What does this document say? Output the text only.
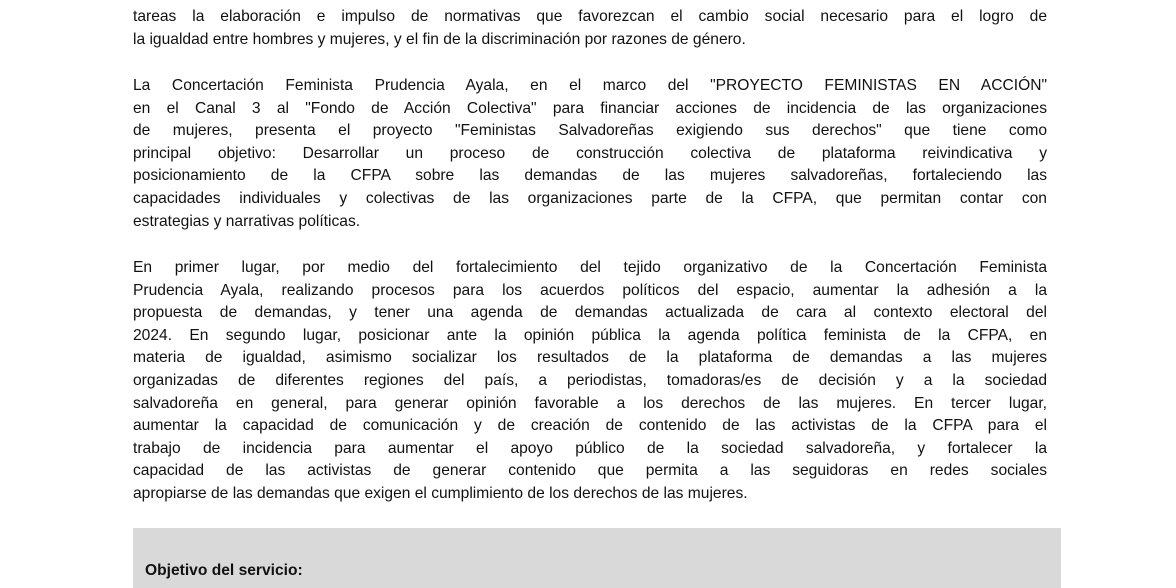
tareas la elaboración e impulso de normativas que favorezcan el cambio social necesario para el logro de
la igualdad entre hombres y mujeres, y el fin de la discriminación por razones de género.
La Concertación Feminista Prudencia Ayala, en el marco del "PROYECTO FEMINISTAS EN ACCIÓN"
en el Canal 3 al "Fondo de Acción Colectiva" para financiar acciones de incidencia de las organizaciones
de mujeres, presenta el proyecto "Feministas Salvadoreñas exigiendo sus derechos" que tiene como
principal objetivo: Desarrollar un proceso de construcción colectiva de plataforma reivindicativa y
posicionamiento de la CFPA sobre las demandas de las mujeres salvadoreñas, fortaleciendo las
capacidades individuales y colectivas de las organizaciones parte de la CFPA, que permitan contar con
estrategias y narrativas políticas.
En primer lugar, por medio del fortalecimiento del tejido organizativo de la Concertación Feminista
Prudencia Ayala, realizando procesos para los acuerdos políticos del espacio, aumentar la adhesión a la
propuesta de demandas, y tener una agenda de demandas actualizada de cara al contexto electoral del
2024. En segundo lugar, posicionar ante la opinión pública la agenda política feminista de la CFPA, en
materia de igualdad, asimismo socializar los resultados de la plataforma de demandas a las mujeres
organizadas de diferentes regiones del país, a periodistas, tomadoras/es de decisión y a la sociedad
salvadoreña en general, para generar opinión favorable a los derechos de las mujeres. En tercer lugar,
aumentar la capacidad de comunicación y de creación de contenido de las activistas de la CFPA para el
trabajo de incidencia para aumentar el apoyo público de la sociedad salvadoreña, y fortalecer la
capacidad de las activistas de generar contenido que permita a las seguidoras en redes sociales
apropiarse de las demandas que exigen el cumplimiento de los derechos de las mujeres.
Objetivo del servicio:
